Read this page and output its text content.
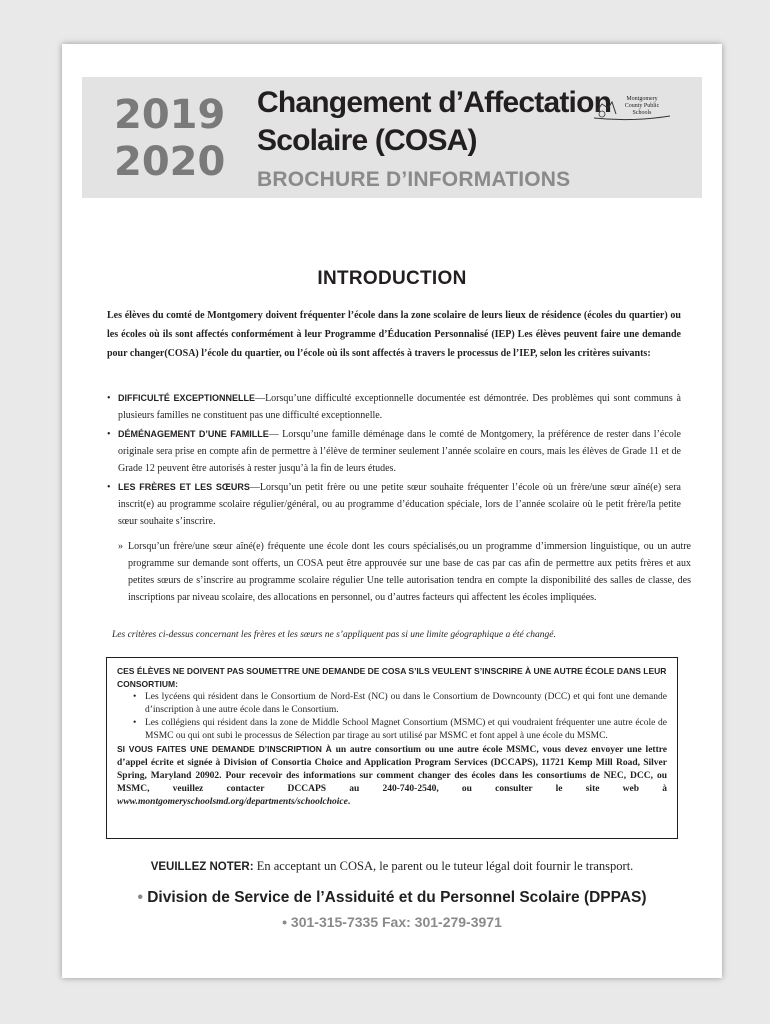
2019
2020
Changement d’Affectation
Scolaire (COSA)
BROCHURE D’INFORMATIONS
Montgomery
County Public
Schools
INTRODUCTION

Les élèves du comté de Montgomery doivent fréquenter l’école dans la zone scolaire de leurs lieux de résidence (écoles du quartier) ou les écoles où ils sont affectés conformément à leur Programme d’Éducation Personnalisé (IEP) Les élèves peuvent faire une demande pour changer(COSA) l’école du quartier, ou l’école où ils sont affectés à travers le processus de l’IEP, selon les critères suivants:

• DIFFICULTÉ EXCEPTIONNELLE—Lorsqu’une difficulté exceptionnelle documentée est démontrée. Des problèmes qui sont communs à plusieurs familles ne constituent pas une difficulté exceptionnelle.
• DÉMÉNAGEMENT D’UNE FAMILLE— Lorsqu’une famille déménage dans le comté de Montgomery, la préférence de rester dans l’école originale sera prise en compte afin de permettre à l’élève de terminer seulement l’année scolaire en cours, mais les élèves de Grade 11 et de Grade 12 peuvent être autorisés à rester jusqu’à la fin de leurs études.
• LES FRÈRES ET LES SŒURS—Lorsqu’un petit frère ou une petite sœur souhaite fréquenter l’école où un frère/une sœur aîné(e) sera inscrit(e) au programme scolaire régulier/général, ou au programme d’éducation spéciale, lors de l’année scolaire où le petit frère/la petite sœur souhaite s’inscrire.

» Lorsqu’un frère/une sœur aîné(e) fréquente une école dont les cours spécialisés,ou un programme d’immersion linguistique, ou un autre programme sur demande sont offerts, un COSA peut être approuvée sur une base de cas par cas afin de permettre aux petits frères et aux petites sœurs de s’inscrire au programme scolaire régulier Une telle autorisation tendra en compte la disponibilité des salles de classe, des inscriptions par niveau scolaire, des allocations en personnel, ou d’autres facteurs qui affectent les écoles impliquées.

Les critères ci-dessus concernant les frères et les sœurs ne s’appliquent pas si une limite géographique a été changé.

CES ÉLÈVES NE DOIVENT PAS SOUMETTRE UNE DEMANDE DE COSA S’ILS VEULENT S’INSCRIRE À UNE AUTRE ÉCOLE DANS LEUR CONSORTIUM:
• Les lycéens qui résident dans le Consortium de Nord-Est (NC) ou dans le Consortium de Downcounty (DCC) et qui font une demande d’inscription à une autre école dans le Consortium.
• Les collégiens qui résident dans la zone de Middle School Magnet Consortium (MSMC) et qui voudraient fréquenter une autre école de MSMC ou qui ont subi le processus de Sélection par tirage au sort utilisé par MSMC et font appel à une école du MSMC.

SI VOUS FAITES UNE DEMANDE D’INSCRIPTION À un autre consortium ou une autre école MSMC, vous devez envoyer une lettre d’appel écrite et signée à Division of Consortia Choice and Application Program Services (DCCAPS), 11721 Kemp Mill Road, Silver Spring, Maryland 20902. Pour recevoir des informations sur comment changer des écoles dans les consortiums de NEC, DCC, ou MSMC, veuillez contacter DCCAPS au 240-740-2540, ou consulter le site web à www.montgomeryschoolsmd.org/departments/schoolchoice.

VEUILLEZ NOTER: En acceptant un COSA, le parent ou le tuteur légal doit fournir le transport.
• Division de Service de l’Assiduité et du Personnel Scolaire (DPPAS)
• 301-315-7335 Fax: 301-279-3971
